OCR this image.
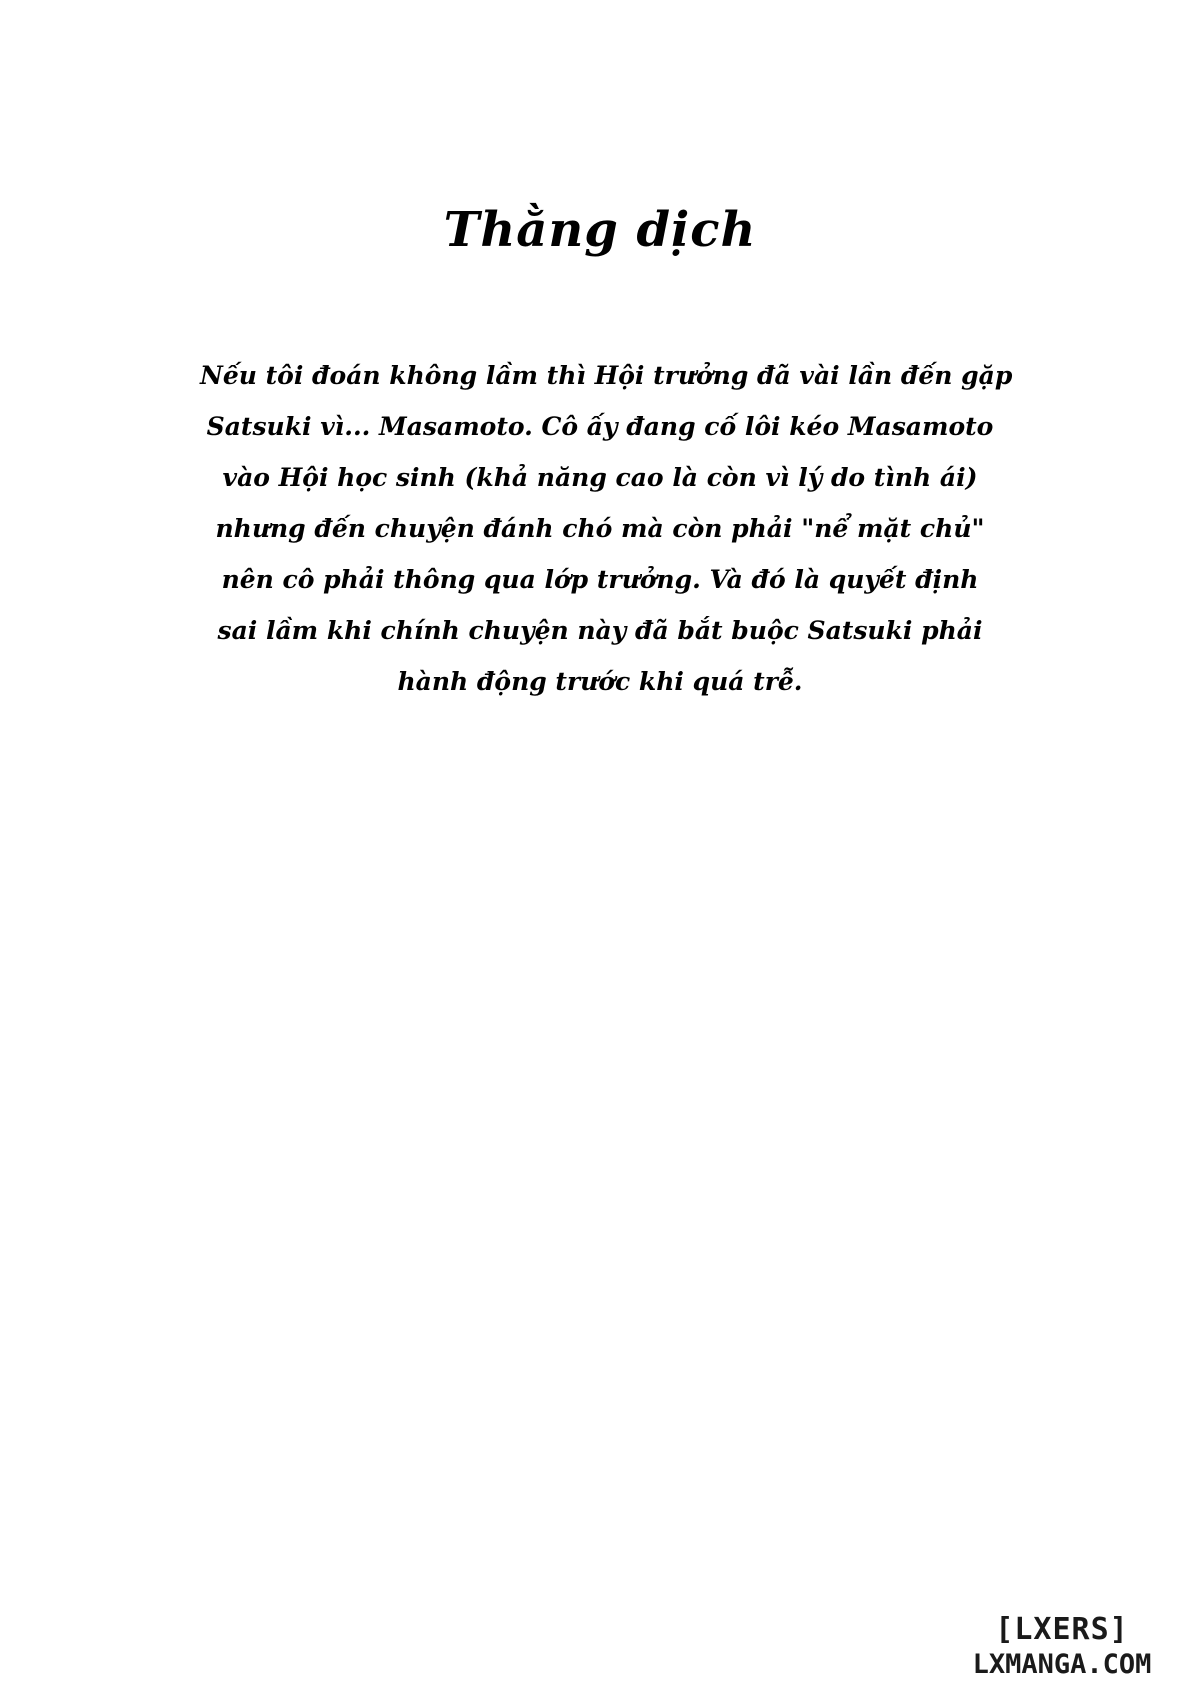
Thằng dịch
Nếu tôi đoán không lầm thì Hội trưởng đã vài lần đến gặp
Satsuki vì... Masamoto. Cô ấy đang cố lôi kéo Masamoto
vào Hội học sinh (khả năng cao là còn vì lý do tình ái)
nhưng đến chuyện đánh chó mà còn phải "nể mặt chủ"
nên cô phải thông qua lớp trưởng. Và đó là quyết định
sai lầm khi chính chuyện này đã bắt buộc Satsuki phải
hành động trước khi quá trễ.
[LXERS]
LXMANGA.COM
